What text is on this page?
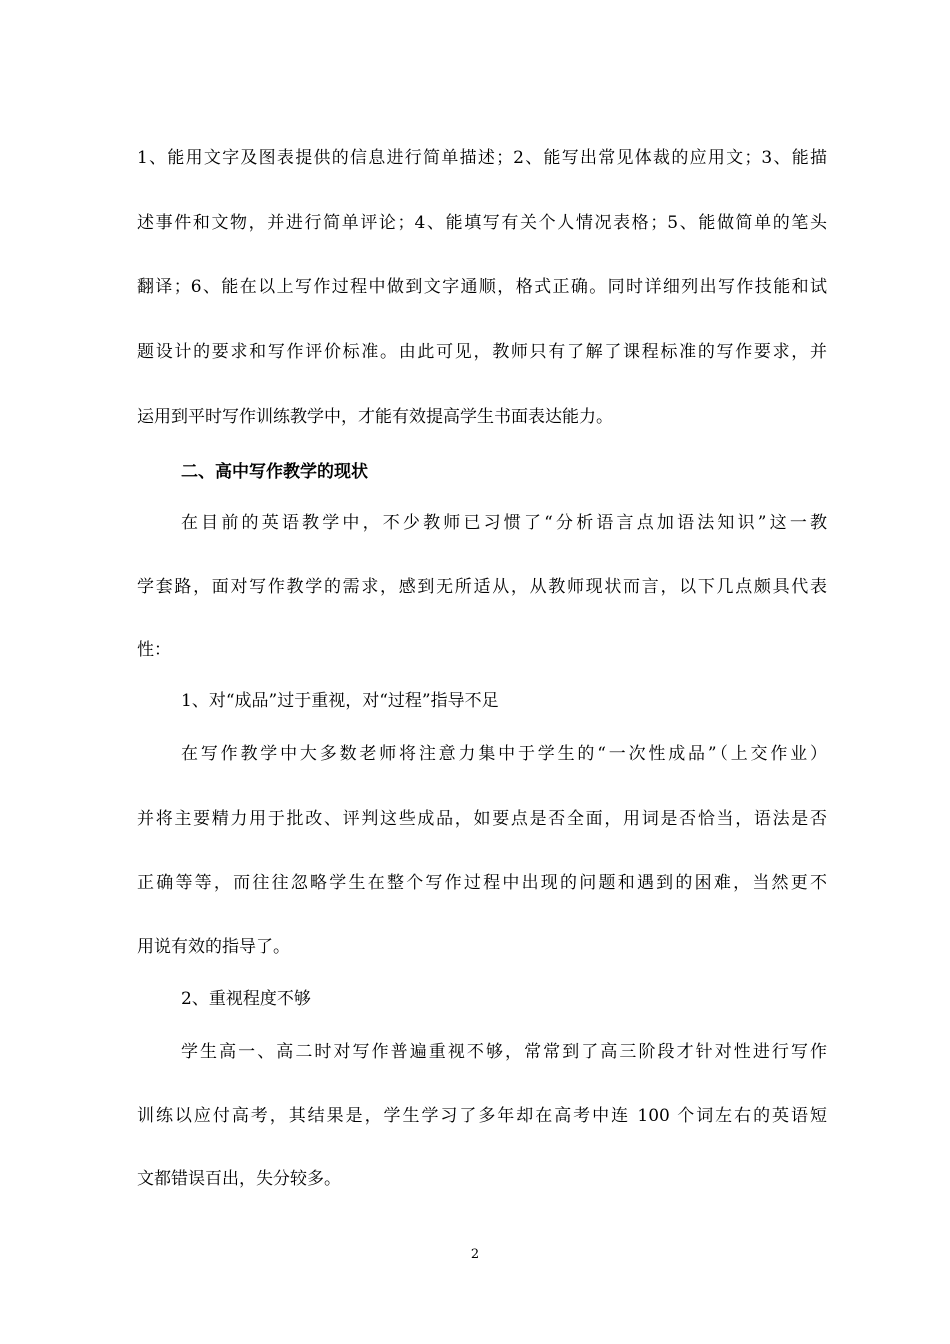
1、能用文字及图表提供的信息进行简单描述；2、能写出常见体裁的应用文；3、能描
述事件和文物，并进行简单评论；4、能填写有关个人情况表格；5、能做简单的笔头
翻译；6、能在以上写作过程中做到文字通顺，格式正确。同时详细列出写作技能和试
题设计的要求和写作评价标准。由此可见，教师只有了解了课程标准的写作要求，并
运用到平时写作训练教学中，才能有效提高学生书面表达能力。
二、高中写作教学的现状
在目前的英语教学中，不少教师已习惯了“分析语言点加语法知识”这一教
学套路，面对写作教学的需求，感到无所适从，从教师现状而言，以下几点颇具代表
性：
1、对“成品”过于重视，对“过程”指导不足
在写作教学中大多数老师将注意力集中于学生的“一次性成品”（上交作业）
并将主要精力用于批改、评判这些成品，如要点是否全面，用词是否恰当，语法是否
正确等等，而往往忽略学生在整个写作过程中出现的问题和遇到的困难，当然更不
用说有效的指导了。
2、重视程度不够
学生高一、高二时对写作普遍重视不够，常常到了高三阶段才针对性进行写作
训练以应付高考，其结果是，学生学习了多年却在高考中连 100 个词左右的英语短
文都错误百出，失分较多。
2
